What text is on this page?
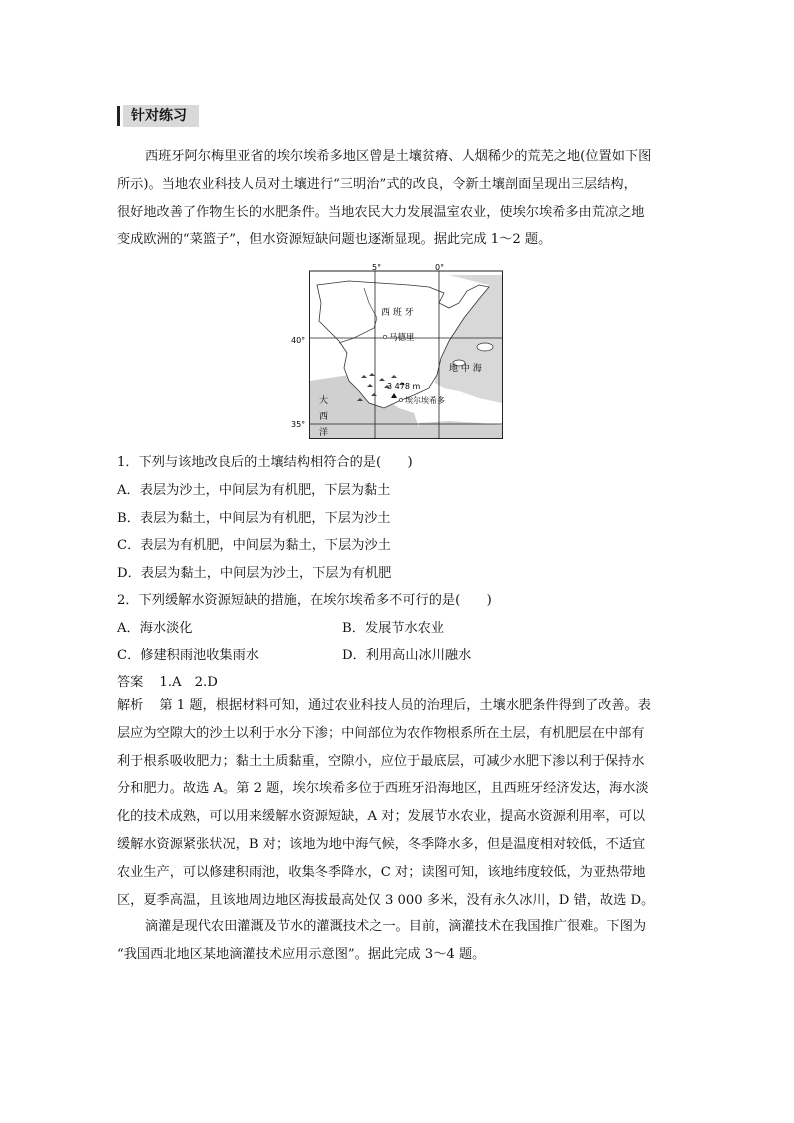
针对练习
西班牙阿尔梅里亚省的埃尔埃希多地区曾是土壤贫瘠、人烟稀少的荒芜之地(位置如下图
所示)。当地农业科技人员对土壤进行“三明治”式的改良，令新土壤剖面呈现出三层结构，
很好地改善了作物生长的水肥条件。当地农民大力发展温室农业，使埃尔埃希多由荒凉之地
变成欧洲的“菜篮子”，但水资源短缺问题也逐渐显现。据此完成 1～2 题。
5°	0°
40°
35°
西 班 牙
马德里
地 中 海
大
西
洋
3 478 m
埃尔埃希多
1．下列与该地改良后的土壤结构相符合的是(　　)
A．表层为沙土，中间层为有机肥，下层为黏土
B．表层为黏土，中间层为有机肥，下层为沙土
C．表层为有机肥，中间层为黏土，下层为沙土
D．表层为黏土，中间层为沙土，下层为有机肥
2．下列缓解水资源短缺的措施，在埃尔埃希多不可行的是(　　)
A．海水淡化	B．发展节水农业
C．修建积雨池收集雨水	D．利用高山冰川融水
答案 1.A　2.D
解析 第 1 题，根据材料可知，通过农业科技人员的治理后，土壤水肥条件得到了改善。表
层应为空隙大的沙土以利于水分下渗；中间部位为农作物根系所在土层，有机肥层在中部有
利于根系吸收肥力；黏土土质黏重，空隙小，应位于最底层，可减少水肥下渗以利于保持水
分和肥力。故选 A。第 2 题，埃尔埃希多位于西班牙沿海地区，且西班牙经济发达，海水淡
化的技术成熟，可以用来缓解水资源短缺，A 对；发展节水农业，提高水资源利用率，可以
缓解水资源紧张状况，B 对；该地为地中海气候，冬季降水多，但是温度相对较低，不适宜
农业生产，可以修建积雨池，收集冬季降水，C 对；读图可知，该地纬度较低，为亚热带地
区，夏季高温，且该地周边地区海拔最高处仅 3 000 多米，没有永久冰川，D 错，故选 D。
滴灌是现代农田灌溉及节水的灌溉技术之一。目前，滴灌技术在我国推广很难。下图为
“我国西北地区某地滴灌技术应用示意图”。据此完成 3～4 题。
